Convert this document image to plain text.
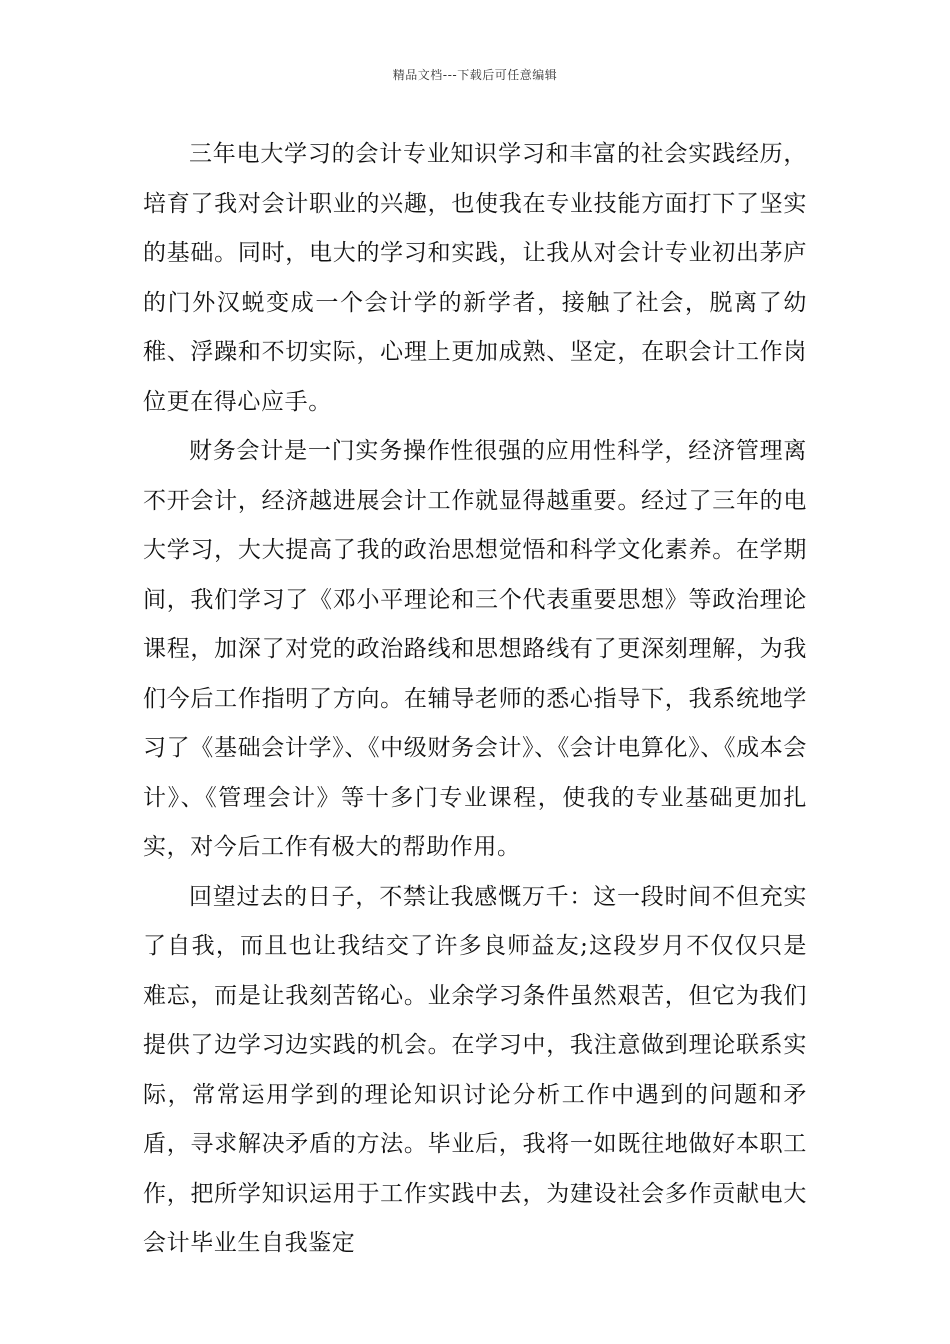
精品文档---下载后可任意编辑

三年电大学习的会计专业知识学习和丰富的社会实践经历，培育了我对会计职业的兴趣，也使我在专业技能方面打下了坚实的基础。同时，电大的学习和实践，让我从对会计专业初出茅庐的门外汉蜕变成一个会计学的新学者，接触了社会，脱离了幼稚、浮躁和不切实际，心理上更加成熟、坚定，在职会计工作岗位更在得心应手。

财务会计是一门实务操作性很强的应用性科学，经济管理离不开会计，经济越进展会计工作就显得越重要。经过了三年的电大学习，大大提高了我的政治思想觉悟和科学文化素养。在学期间，我们学习了《邓小平理论和三个代表重要思想》等政治理论课程，加深了对党的政治路线和思想路线有了更深刻理解，为我们今后工作指明了方向。在辅导老师的悉心指导下，我系统地学习了《基础会计学》、《中级财务会计》、《会计电算化》、《成本会计》、《管理会计》等十多门专业课程，使我的专业基础更加扎实，对今后工作有极大的帮助作用。

回望过去的日子，不禁让我感慨万千：这一段时间不但充实了自我，而且也让我结交了许多良师益友;这段岁月不仅仅只是难忘，而是让我刻苦铭心。业余学习条件虽然艰苦，但它为我们提供了边学习边实践的机会。在学习中，我注意做到理论联系实际，常常运用学到的理论知识讨论分析工作中遇到的问题和矛盾，寻求解决矛盾的方法。毕业后，我将一如既往地做好本职工作，把所学知识运用于工作实践中去，为建设社会多作贡献电大会计毕业生自我鉴定
